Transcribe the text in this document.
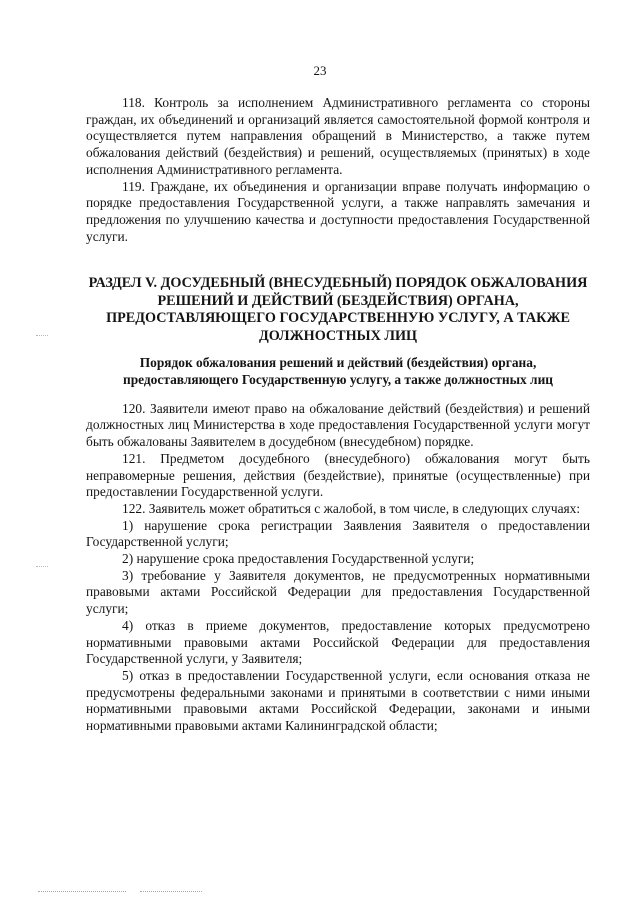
23

118. Контроль за исполнением Административного регламента со стороны граждан, их объединений и организаций является самостоятельной формой контроля и осуществляется путем направления обращений в Министерство, а также путем обжалования действий (бездействия) и решений, осуществляемых (принятых) в ходе исполнения Административного регламента.

119. Граждане, их объединения и организации вправе получать информацию о порядке предоставления Государственной услуги, а также направлять замечания и предложения по улучшению качества и доступности предоставления Государственной услуги.

РАЗДЕЛ V. ДОСУДЕБНЫЙ (ВНЕСУДЕБНЫЙ) ПОРЯДОК ОБЖАЛОВАНИЯ РЕШЕНИЙ И ДЕЙСТВИЙ (БЕЗДЕЙСТВИЯ) ОРГАНА, ПРЕДОСТАВЛЯЮЩЕГО ГОСУДАРСТВЕННУЮ УСЛУГУ, А ТАКЖЕ ДОЛЖНОСТНЫХ ЛИЦ
Порядок обжалования решений и действий (бездействия) органа, предоставляющего Государственную услугу, а также должностных лиц

120. Заявители имеют право на обжалование действий (бездействия) и решений должностных лиц Министерства в ходе предоставления Государственной услуги могут быть обжалованы Заявителем в досудебном (внесудебном) порядке.

121. Предметом досудебного (внесудебного) обжалования могут быть неправомерные решения, действия (бездействие), принятые (осуществленные) при предоставлении Государственной услуги.

122. Заявитель может обратиться с жалобой, в том числе, в следующих случаях:

1) нарушение срока регистрации Заявления Заявителя о предоставлении Государственной услуги;

2) нарушение срока предоставления Государственной услуги;

3) требование у Заявителя документов, не предусмотренных нормативными правовыми актами Российской Федерации для предоставления Государственной услуги;

4) отказ в приеме документов, предоставление которых предусмотрено нормативными правовыми актами Российской Федерации для предоставления Государственной услуги, у Заявителя;

5) отказ в предоставлении Государственной услуги, если основания отказа не предусмотрены федеральными законами и принятыми в соответствии с ними иными нормативными правовыми актами Российской Федерации, законами и иными нормативными правовыми актами Калининградской области;
